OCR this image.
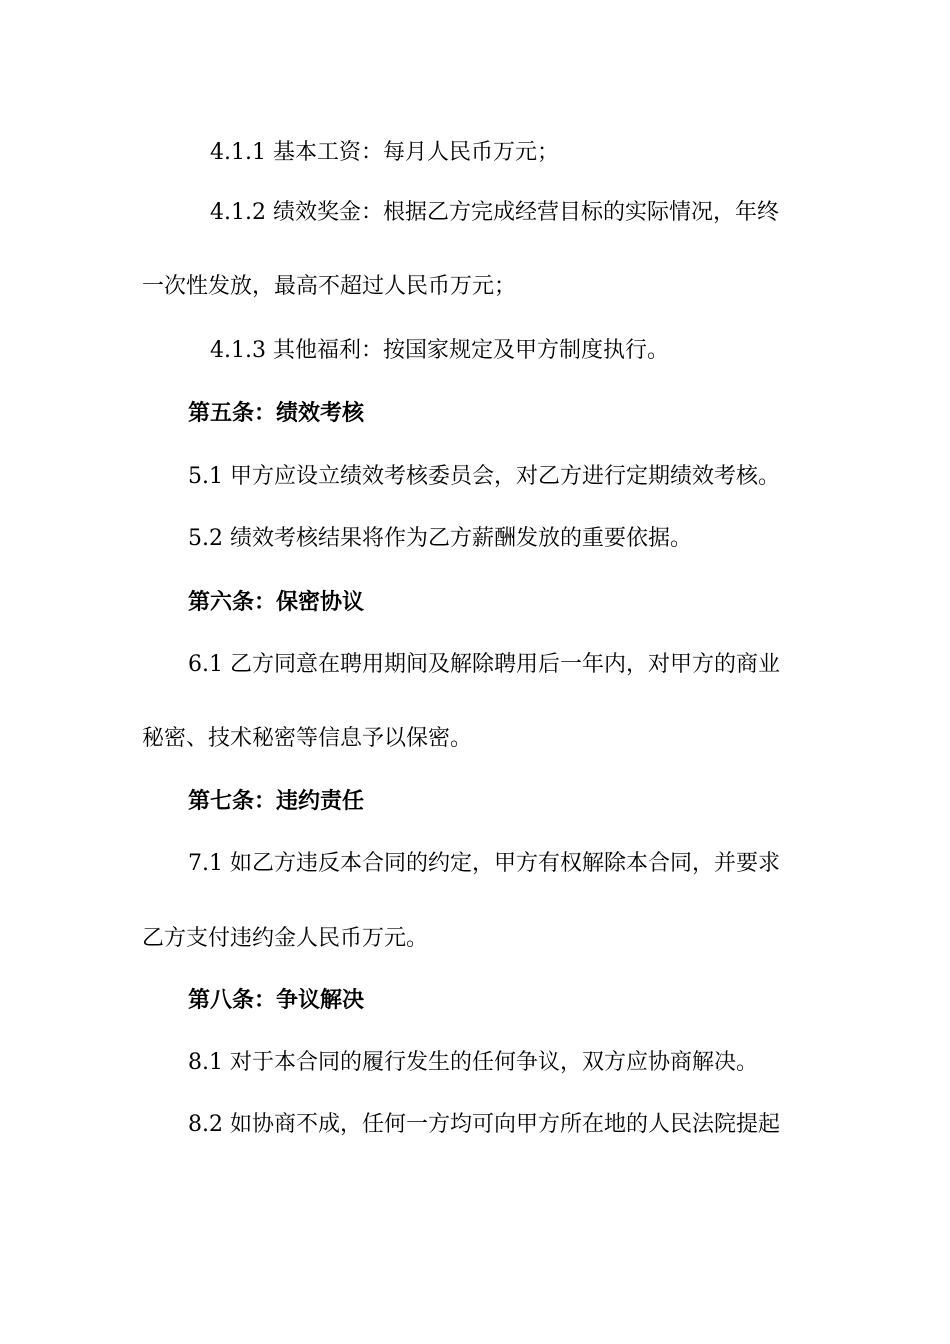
4.1.1 基本工资：每月人民币万元；

4.1.2 绩效奖金：根据乙方完成经营目标的实际情况，年终

一次性发放，最高不超过人民币万元；

4.1.3 其他福利：按国家规定及甲方制度执行。

第五条：绩效考核

5.1 甲方应设立绩效考核委员会，对乙方进行定期绩效考核。

5.2 绩效考核结果将作为乙方薪酬发放的重要依据。

第六条：保密协议

6.1 乙方同意在聘用期间及解除聘用后一年内，对甲方的商业

秘密、技术秘密等信息予以保密。

第七条：违约责任

7.1 如乙方违反本合同的约定，甲方有权解除本合同，并要求

乙方支付违约金人民币万元。

第八条：争议解决

8.1 对于本合同的履行发生的任何争议，双方应协商解决。

8.2 如协商不成，任何一方均可向甲方所在地的人民法院提起
